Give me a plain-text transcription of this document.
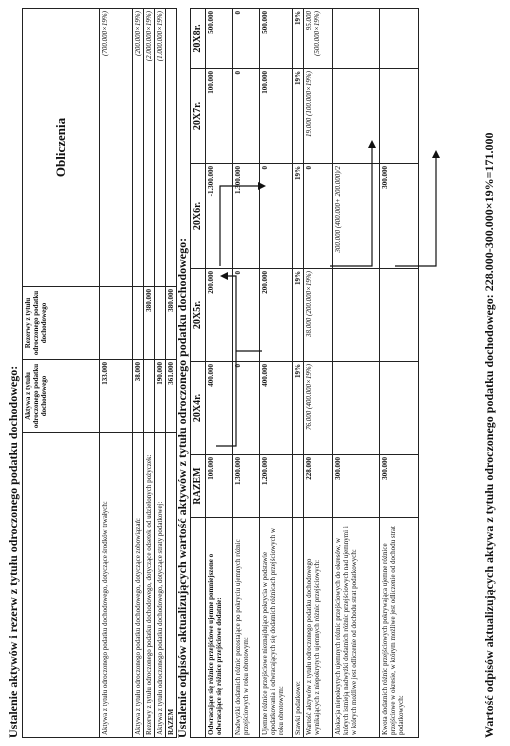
Ustalenie aktywów i rezerw z tytułu odroczonego podatku dochodowego:
	Aktywa z tytułu odroczonego podatku dochodowego	Rezerwy z tytułu odroczonego podatku dochodowego	Obliczenia
Aktywa z tytułu odroczonego podatku dochodowego, dotyczące środków trwałych:	133.000		(700.000×19%)
Aktywa z tytułu odroczonego podatku dochodowego, dotyczące zobowiązań:	38.000		(200.000×19%)
Rezerwy z tytułu odroczonego podatku dochodowego, dotyczące odsetek od udzielonych pożyczek:		380.000	(2.000.000×19%)
Aktywa z tytułu odroczonego podatku dochodowego, dotyczące straty podatkowej:	190.000		(1.000.000×19%)
RAZEM	361.000	380.000	Ustalenie odpisów aktualizujących wartość aktywów z tytułu odroczonego podatku dochodowego:
	RAZEM	20X4r.	20X5r.	20X6r.	20X7r.	20X8r.
Odwracające się różnice przejściowe ujemne pomniejszone o odwracające się różnice przejściowe dodatnie:	100.000	400.000	200.000	-1.300.000	100.000	500.000
Nadwyżki dodatnich różnic pozostające po pokryciu ujemnych różnic przejściowych w roku obrotowym:	1.300.000	0	0	1.300.000	0	0
Ujemne różnice przejściowe nieznajdujące pokrycia w podstawie opodatkowania i odwracających się dodatnich różnicach przejściowych w roku obrotowym:	1.200.000	400.000	200.000	0	100.000	500.000
Stawki podatkowe:		19%	19%	19%	19%	19%
Wartość aktywów z tytułu odroczonego podatku dochodowego wynikających z niepokrytych ujemnych różnic przejściowych:	228.000	76.000 (400.000×19%)	38.000 (200.000×19%)	0	19.000 (100.000×19%)	95.000 (500.000×19%)
Alokacja niepokrytych ujemnych różnic przejściowych do okresów, w których istnieją nadwyżki dodatnich różnic przejściowych nad ujemnymi i w których możliwe jest odliczenie od dochodu strat podatkowych:	300.000			300.000 (400.000+ 200.000)/2		
Kwota dodatnich różnic przejściowych pokrywająca ujemne różnice przejściowe w okresie, w którym możliwe jest odliczenie od dochodu strat podatkowych:	300.000			300.000			Wartość odpisów aktualizujących aktywa z tytułu odroczonego podatku dochodowego: 228.000-300.000×19%=171.000
